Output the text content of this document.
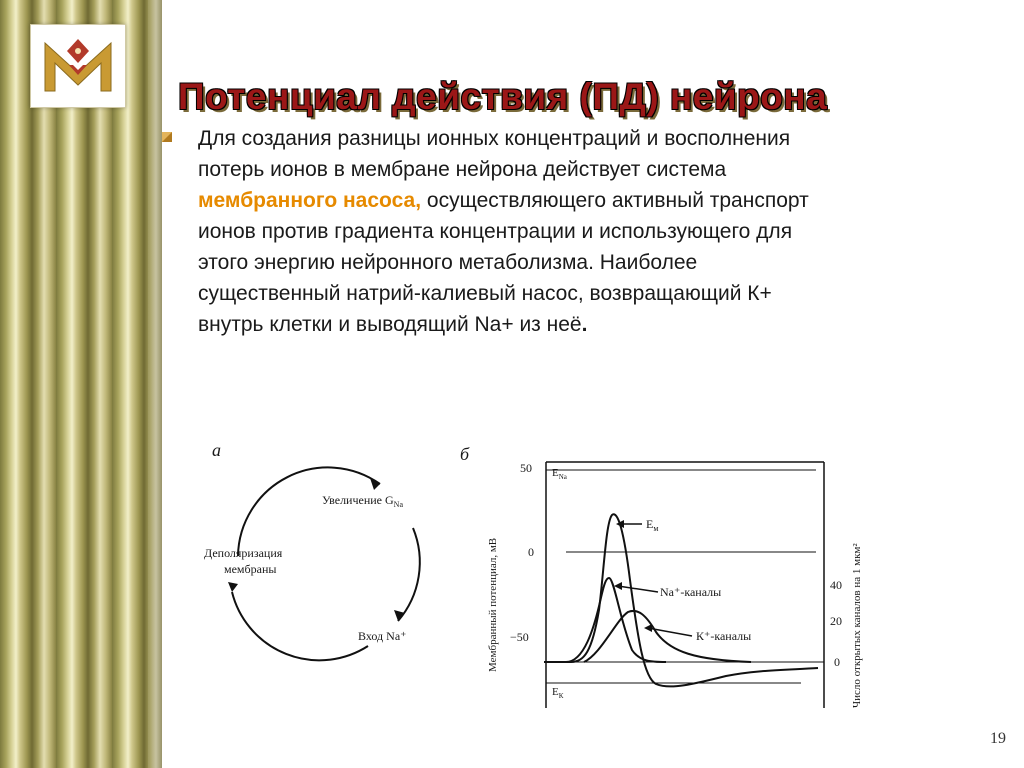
Потенциал действия (ПД) нейрона
Для создания разницы ионных концентраций и восполнения потерь ионов в мембране нейрона действует система мембранного насоса, осуществляющего активный транспорт ионов против градиента концентрации и использующего для этого энергию нейронного метаболизма. Наиболее существенный натрий-калиевый насос, возвращающий К+ внутрь клетки и выводящий Na+ из неё.
а
Увеличение $G_{Na}$
Вход Na⁺
Деполяризация
мембраны
б
Мембранный потенциал, мВ	Число открытых каналов на 1 мкм²
50
0
−50
40
20
0
$E_{Na}$
$E_К$
$E_м$
Na⁺-каналы
К⁺-каналы
19
